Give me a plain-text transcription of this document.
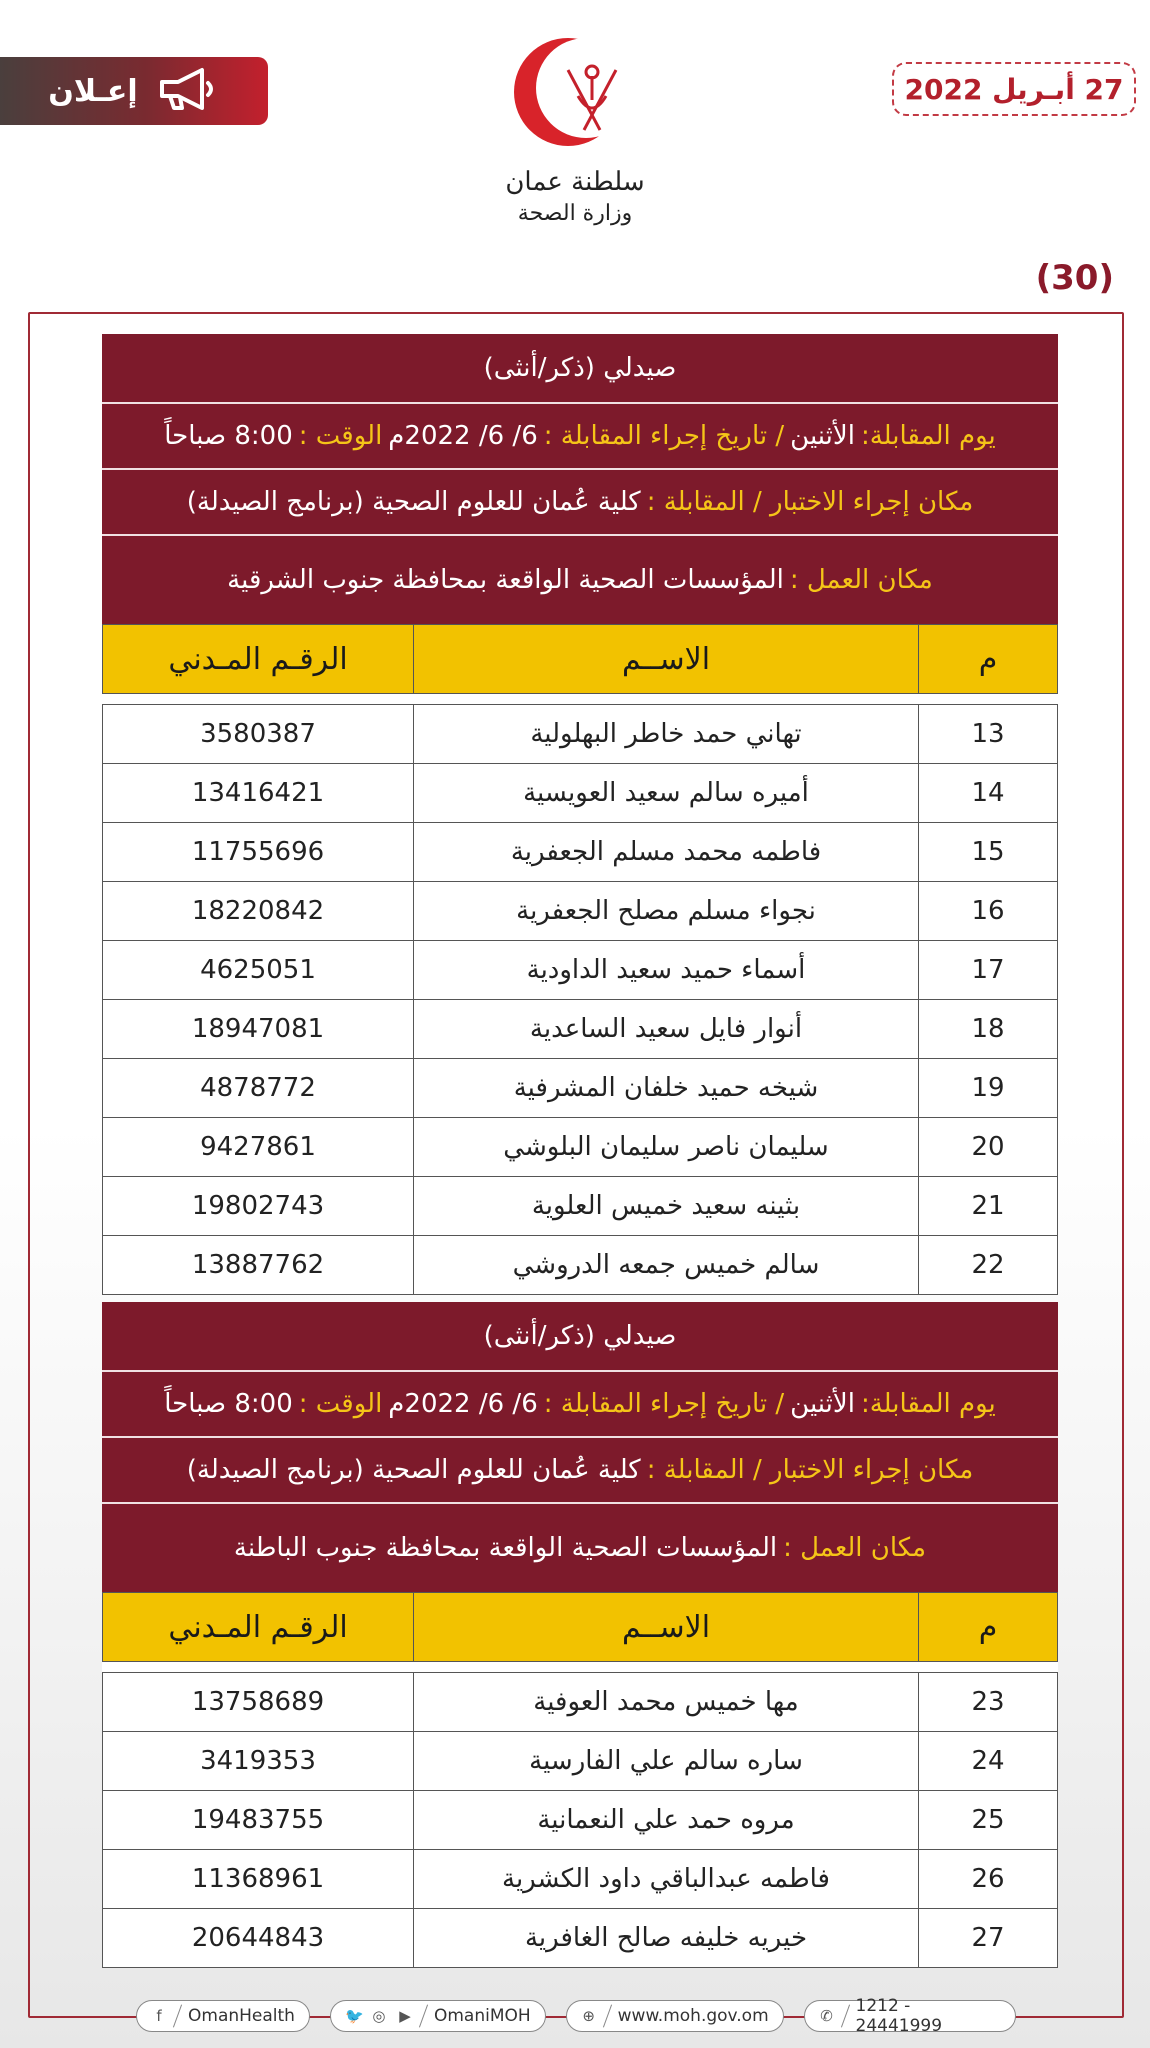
إعـلان
سلطنة عمان
وزارة الصحة
27 أبـريل 2022
(30)
صيدلي (ذكر/أنثى)
يوم المقابلة:
الأثنين
/ تاريخ إجراء المقابلة :
6/ 6/ 2022م
الوقت :
8:00 صباحاً
مكان إجراء الاختبار / المقابلة :
كلية عُمان للعلوم الصحية (برنامج الصيدلة)
مكان العمل :
المؤسسات الصحية الواقعة بمحافظة جنوب الشرقية
م	الاســم	الرقـم المـدني

13	تهاني حمد خاطر البهلولية	3580387
14	أميره سالم سعيد العويسية	13416421
15	فاطمه محمد مسلم الجعفرية	11755696
16	نجواء مسلم مصلح الجعفرية	18220842
17	أسماء حميد سعيد الداودية	4625051
18	أنوار فايل سعيد الساعدية	18947081
19	شيخه حميد خلفان المشرفية	4878772
20	سليمان ناصر سليمان البلوشي	9427861
21	بثينه سعيد خميس العلوية	19802743
22	سالم خميس جمعه الدروشي	13887762
صيدلي (ذكر/أنثى)
يوم المقابلة:
الأثنين
/ تاريخ إجراء المقابلة :
6/ 6/ 2022م
الوقت :
8:00 صباحاً
مكان إجراء الاختبار / المقابلة :
كلية عُمان للعلوم الصحية (برنامج الصيدلة)
مكان العمل :
المؤسسات الصحية الواقعة بمحافظة جنوب الباطنة
م	الاســم	الرقـم المـدني

23	مها خميس محمد العوفية	13758689
24	ساره سالم علي الفارسية	3419353
25	مروه حمد علي النعمانية	19483755
26	فاطمه عبدالباقي داود الكشرية	11368961
27	خيريه خليفه صالح الغافرية	20644843
f	OmanHealth	🐦 ◎ ▶ OmaniMOH	⊕ www.moh.gov.om	✆ 1212 - 24441999
